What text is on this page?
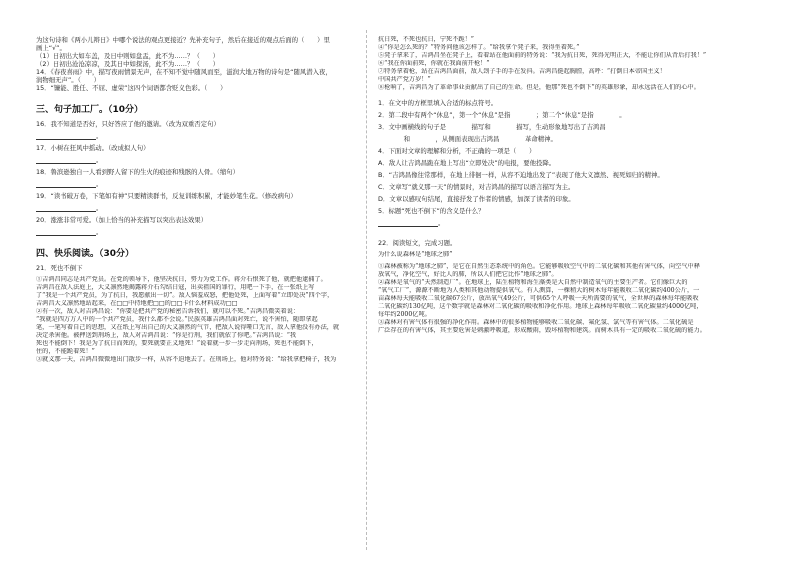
为这句诗和《两小儿辩日》中哪个说法的观点更接近？先补充句子，然后在接近的观点后面的（　　）里

画上“√”。

（1）日初出大如车盖，及日中则如盘盂，此不为……？（　　）

（2）日初出沧沧凉凉，及其日中如探汤，此不为……？（　　）

14．《春夜喜雨》中，描写夜雨情景无声，在不知不觉中随风而至，滋润大地万物的诗句是“随风潜入夜，

润物细无声”。（　　）

15．“镰能、胜任、不屈、虚荣”这四个词语都含贬义色彩。（　　）

三、句子加工厂。（10分）

16．我不知道是否好，只好答应了他的邀请。（改为双重否定句）

。

17．小树在狂风中摇动。（改成拟人句）

。

18．鲁滨逊独自一人看到野人留下的生火的痕迹和残骸的人骨。（缩句）

。

19．“读书破万卷，下笔如有神”只要精读群书，反复训练积累，才能妙笔生花。（修改病句）

。

20．涨涨非常可爱。（加上恰当的补充描写以突出表达效果）

。

四、快乐阅读。（30分）

21．死也不倒下

①吉鸿昌同志是共产党员。在党的领导下，他坚决抗日，努力为党工作。蒋介石恨死了他，就把他逮捕了。

吉鸿昌在敌人法庭上，大义凛然地揭露蒋介石勾结日寇，出卖祖国的罪行，用吧一下手，在一张纸上写

了“我是一个共产党员，为了抗日，我愿献出一切”。敌人恼羞成怒，把他处死，上面写着“立即处决”四个字，

吉鸿昌大义凛然地站起来，在□□中持地把□□的□□卡什么材料成功□□

②有一次，敌人对吉鸿昌说：“你要是把共产党的秘密告诉我们，就可以不死。”吉鸿昌微笑着说：

“我就是四万万人中的一个共产党员，我什么都不会说。”民族英雄吉鸿昌面对死亡，说不害怕，随即拿起

笔，一笔写着自己的思想，又在纸上写出自己的大义凛然的气节，把敌人说得哑口无言，敌人拿他没有办法，就

决定杀害他。被押送到刑场上，敌人对吉鸿昌说：“你是行刑，我们就依了你吧。”吉鸿昌说：“我

死也不能倒下！我是为了抗日而死的，要死就要正义地死！”说着就一步一步走向刑场，死也不能倒下，

住的，不能跪着死！”

③就义那一天，吉鸿昌微微地出门散步一样，从容不迫地去了。在刑场上，他对特务说：“给我拿把椅子，我为

抗日死，不死也抗日，宁死不跪！”

④“你是怎么死的？”特务问他该怎样了。“给我拿个凳子来，我得坐着死。”

⑤凳子拿来了，吉鸿昌坐在凳子上，看着站在他面前的特务说：“我为抗日死，死得光明正大，不能让你们从背后打我！”

⑥“我在你面前死，你就在我面前开枪！”

⑦特务拿着枪，站在吉鸿昌面前，敌人刽子手的手在发抖。吉鸿昌挺起胸膛，高呼：“打倒日本帝国主义！

中国共产党万岁！”

⑧枪响了，吉鸿昌为了革命事业贡献出了自己的生命。但是，他那“死也不倒下”的英雄形象，却永远活在人们的心中。

1．在文中的方框里填入合适的标点符号。

2．第二段中有两个“休息”，第一个“休息”是指    ；第二个“休息”是指    。

3．文中画横线的句子是    描写和    描写，生动形象地写出了吉鸿昌

    和    ，从侧面表现出吉鸿昌    革命精神。

4．下面对文章的理解和分析，不正确的一项是（　　）

A．敌人让吉鸿昌跪在地上写出“立即处决”的电报，要他投降。

B．“吉鸿昌像往常那样，在地上徘徊一样，从容不迫地出发了”表现了他大义凛然、视死如归的精神。

C．文章写“就义那一天”的情景时，对吉鸿昌的描写以语言描写为主。

D．文章以感叹句结尾，直接抒发了作者的情感，加深了读者的印象。

5．标题“死也不倒下”的含义是什么？

。

22．阅读短文，完成习题。

为什么说森林是“地球之肺”

①森林被称为“地球之肺”，是它在自然生态系统中的角色。它能够吸收空气中的二氧化碳和其他有害气体，向空气中释

放氧气，净化空气，好比人的肺，所以人们把它比作“地球之肺”。

②森林是氧气的“天然制造厂”。在地球上，陆生植物和海生藻类是大自然中制造氧气的主要生产者。它们像巨大的

“氧气工厂”，源源不断地为人类和其他动物提供氧气。有人测算，一棵稍大的树木每年能吸收二氧化碳约400公斤，一

亩森林每天能吸收二氧化碳67公斤，放出氧气49公斤，可供65个人呼吸一天所需要的氧气，全世界的森林每年能吸收

二氧化碳约130亿吨，这个数字就是森林对二氧化碳的吸收和净化作用。地球上森林每年吸收二氧化碳量约4000亿吨，

每年约2000亿吨。

③森林对有害气体有很强的净化作用。森林中的很多植物能够吸收二氧化碳、氟化氢、氯气等有害气体。二氧化硫是

广泛存在的有害气体，其主要危害是刺激呼吸道，形成酸雨，毁坏植物和建筑。而树木具有一定的吸收二氧化硫的能力。
